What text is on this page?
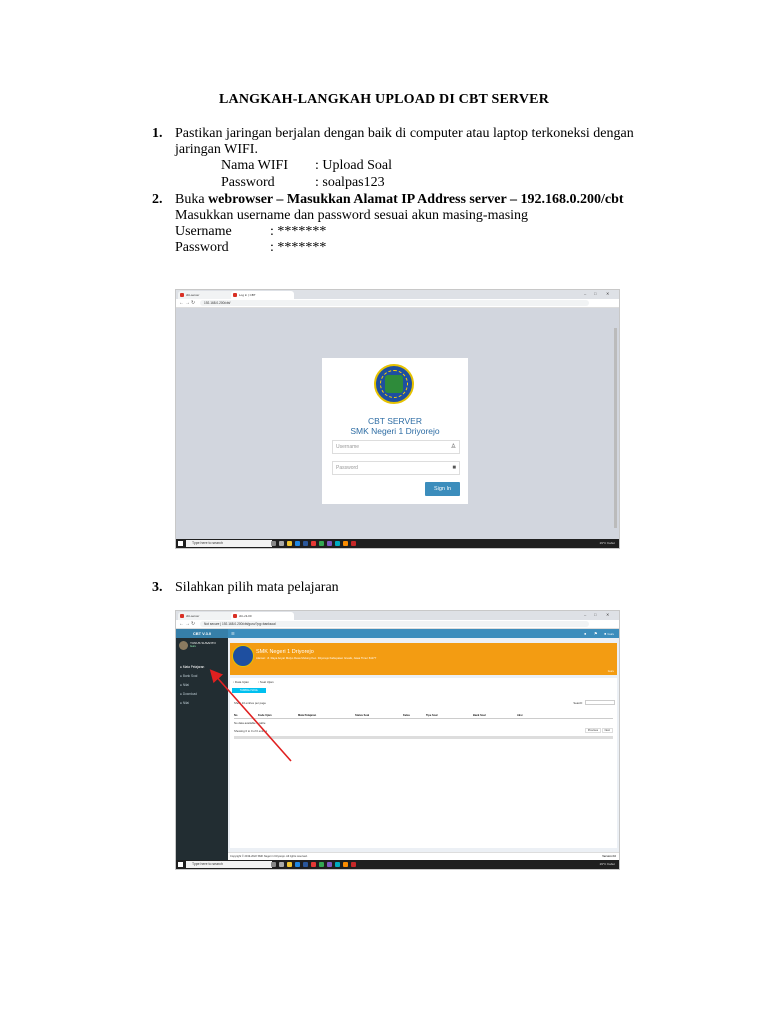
LANGKAH-LANGKAH UPLOAD DI CBT SERVER
1. Pastikan jaringan berjalan dengan baik di computer atau laptop terkoneksi dengan
jaringan WIFI.
Nama WIFI : Upload Soal
Password	: soalpas123
2. Buka webrowser – Masukkan Alamat IP Address server – 192.168.0.200/cbt
Masukkan username dan password sesuai akun masing-masing
Username	: *******
Password	: *******
cbt-server	Log in | CBT	– □ ✕
← → ↻	192.168.0.200/cbt/
CBT SERVER
SMK Negeri 1 Driyorejo
Username	♙
Password	■
Sign In
Type here to search	29°C Kabut
3. Silahkan pilih mata pelajaran
cbt-server	cbt-v3-00	– □ ✕
← → ↻	Not secure | 192.168.0.200/cbt/guru/?pg=banksoal
CBT V.3.0
YUNUS SUSANTO
Guru
● Mata Pelajaran
● Bank Soal
● Nilai
● Download
● Nilai
☰	● ⚑ ● Guru
SMK Negeri 1 Driyorejo
Alamat : Jl. Raya Anyar Mulyo Desa Mulung Kec. Driyorejo Kabupaten Gresik, Jawa Timur 61177
Guru
▫ Data Ujian	▫ Soal Ujian
TAMBAH SOAL
Show 10 entries per page	Search:
No	Kode Ujian	Mata Pelajaran	Status Soal	Kelas	Tipe Soal	Bank Soal	Aksi
No data available in table
Showing 0 to 0 of 0 entries	Previous	Next
Copyright © 2019-2022 SMK Negeri 1 Driyorejo. All rights reserved.	Version 3.0
Type here to search	29°C Kabut
